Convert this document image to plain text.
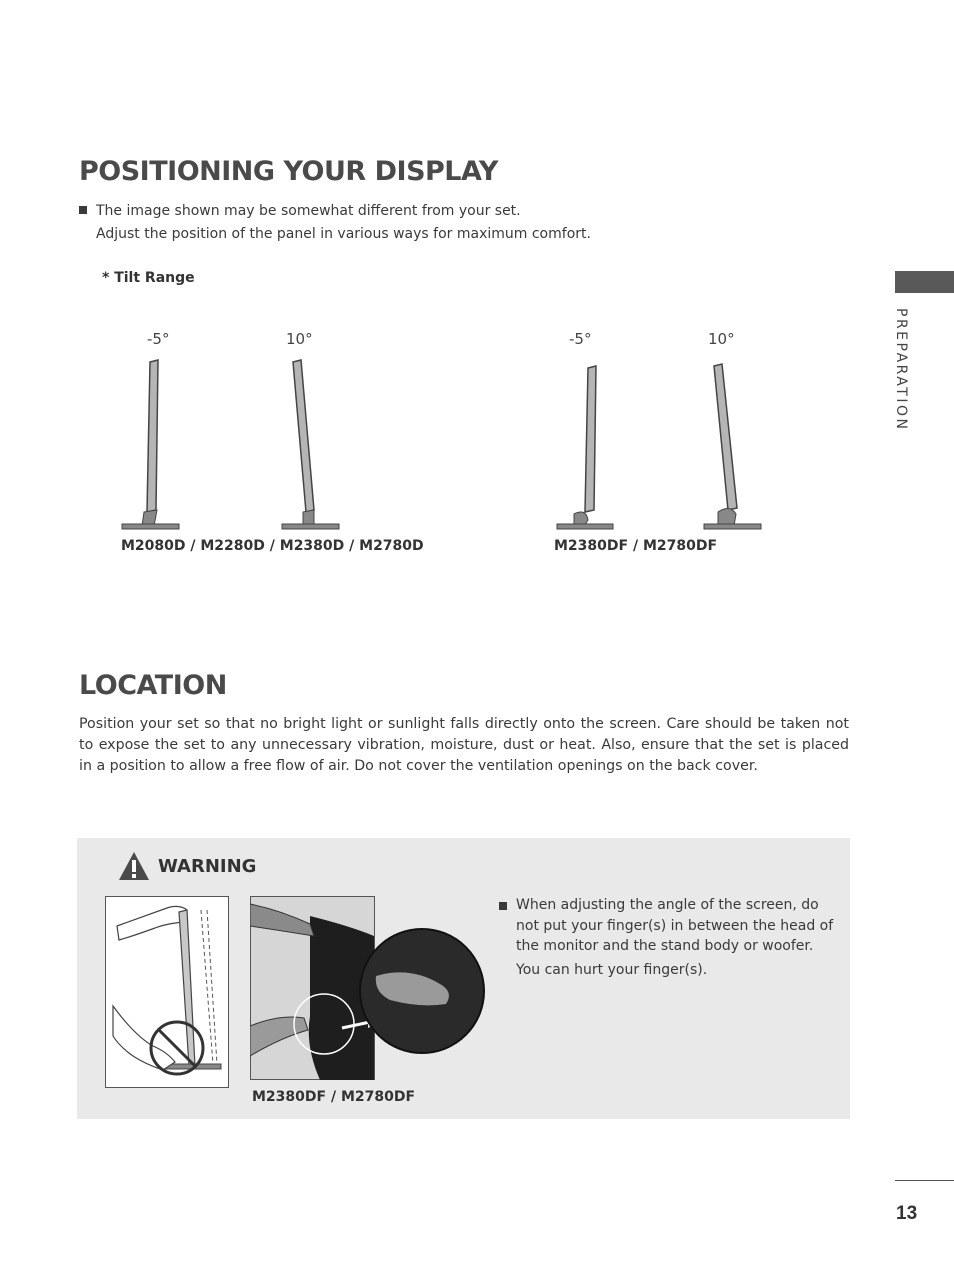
POSITIONING YOUR DISPLAY
The image shown may be somewhat different from your set.
Adjust the position of the panel in various ways for maximum comfort.
* Tilt Range
-5°	10°	-5°	10°
M2080D / M2280D / M2380D / M2780D	M2380DF / M2780DF
LOCATION
Position your set so that no bright light or sunlight falls directly onto the screen. Care should be taken not to expose the set to any unnecessary vibration, moisture, dust or heat. Also, ensure that the set is placed in a position to allow a free flow of air. Do not cover the ventilation openings on the back cover.
WARNING
M2380DF / M2780DF

When adjusting the angle of the screen, do not put your finger(s) in between the head of the monitor and the stand body or woofer.

You can hurt your finger(s).

PREPARATION
13
